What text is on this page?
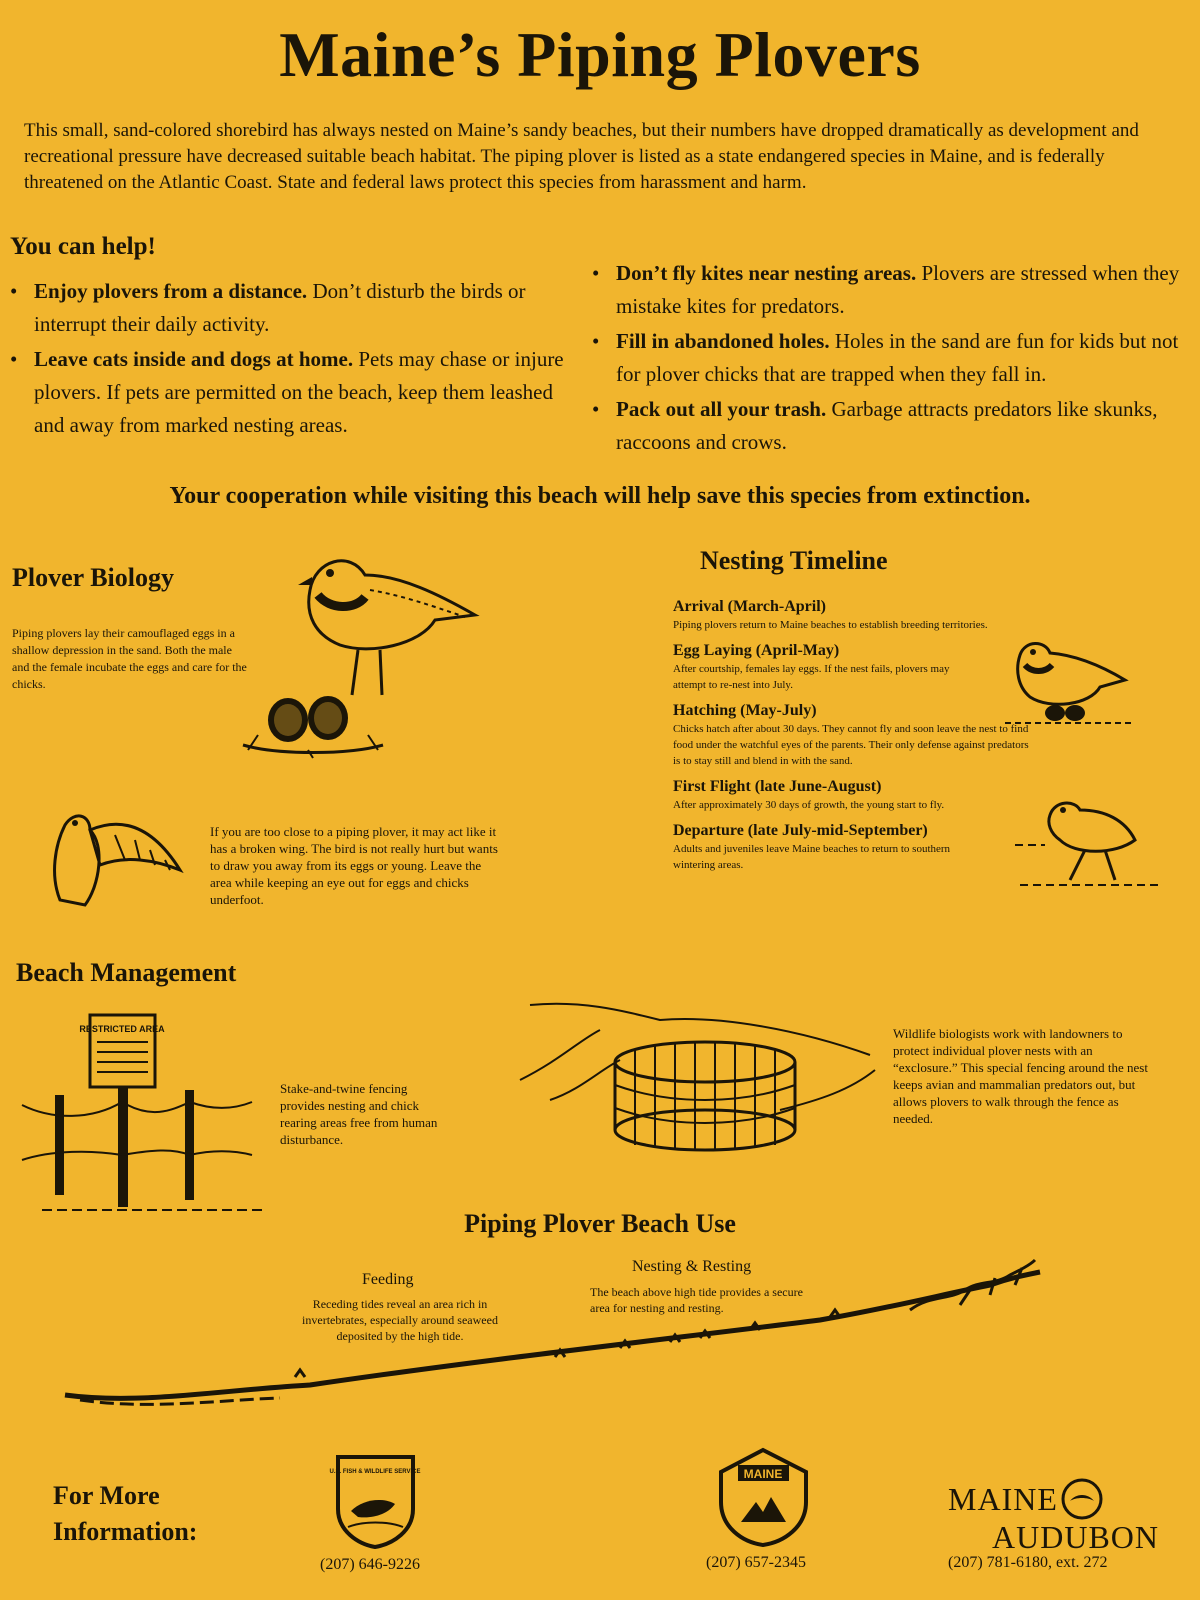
Maine’s Piping Plovers
This small, sand-colored shorebird has always nested on Maine’s sandy beaches, but their numbers have dropped dramatically as development and recreational pressure have decreased suitable beach habitat. The piping plover is listed as a state endangered species in Maine, and is federally threatened on the Atlantic Coast. State and federal laws protect this species from harassment and harm.
You can help!
• Enjoy plovers from a distance. Don’t disturb the birds or interrupt their daily activity.
• Leave cats inside and dogs at home. Pets may chase or injure plovers. If pets are permitted on the beach, keep them leashed and away from marked nesting areas.
• Don’t fly kites near nesting areas. Plovers are stressed when they mistake kites for predators.
• Fill in abandoned holes. Holes in the sand are fun for kids but not for plover chicks that are trapped when they fall in.
• Pack out all your trash. Garbage attracts predators like skunks, raccoons and crows.
Your cooperation while visiting this beach will help save this species from extinction.
Plover Biology
Piping plovers lay their camouflaged eggs in a shallow depression in the sand. Both the male and the female incubate the eggs and care for the chicks.
If you are too close to a piping plover, it may act like it has a broken wing. The bird is not really hurt but wants to draw you away from its eggs or young. Leave the area while keeping an eye out for eggs and chicks underfoot.
Nesting Timeline
Arrival (March-April)
Piping plovers return to Maine beaches to establish breeding territories.
Egg Laying (April-May)
After courtship, females lay eggs. If the nest fails, plovers may attempt to re-nest into July.
Hatching (May-July)
Chicks hatch after about 30 days. They cannot fly and soon leave the nest to find food under the watchful eyes of the parents. Their only defense against predators is to stay still and blend in with the sand.
First Flight (late June-August)
After approximately 30 days of growth, the young start to fly.
Departure (late July-mid-September)
Adults and juveniles leave Maine beaches to return to southern wintering areas.
Beach Management
RESTRICTED AREA
Stake-and-twine fencing provides nesting and chick rearing areas free from human disturbance.
Wildlife biologists work with landowners to protect individual plover nests with an “exclosure.” This special fencing around the nest keeps avian and mammalian predators out, but allows plovers to walk through the fence as needed.
Piping Plover Beach Use
Feeding
Receding tides reveal an area rich in invertebrates, especially around seaweed deposited by the high tide.
Nesting & Resting
The beach above high tide provides a secure area for nesting and resting.
For More
Information:
U.S. FISH & WILDLIFE SERVICE
(207) 646-9226
MAINE
(207) 657-2345
MAINE
AUDUBON
(207) 781-6180, ext. 272
